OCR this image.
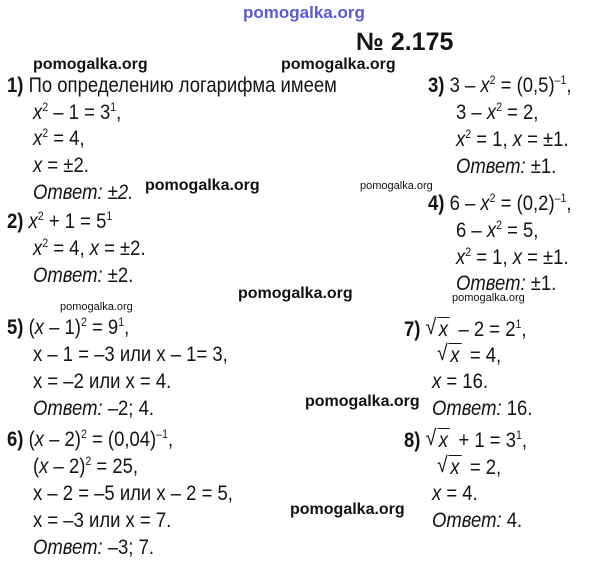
pomogalka.org
pomogalka.org	pomogalka.org
pomogalka.org	pomogalka.org
pomogalka.org
pomogalka.org
pomogalka.org
pomogalka.org
pomogalka.org
№ 2.175
1) По определению логарифма имеем
$x^2 - 1 = 3^1$,
$x^2 = 4$,
x = ±2.
Ответ: ±2.
2) $x^2 + 1 = 5^1$
$x^2 = 4$, x = ±2.
Ответ: ±2.
3) $3 - x^2 = (0,5)^{-1}$,
$3 - x^2 = 2$,
$x^2 = 1$, x = ±1.
Ответ: ±1.
4) $6 - x^2 = (0,2)^{-1}$,
$6 - x^2 = 5$,
$x^2 = 1$, x = ±1.
Ответ: ±1.
5) $(x - 1)^2 = 9^1$,
x – 1 = –3 или x – 1= 3,
x = –2 или x = 4.
Ответ: –2; 4.
6) $(x - 2)^2 = (0,04)^{-1}$,
(x – 2)$^2$ = 25,
x – 2 = –5 или x – 2 = 5,
x = –3 или x = 7.
Ответ: –3; 7.
7) √ $x - 2 = 2^1$,
√ x = 4,
x = 16.
Ответ: 16.
8) √ $x + 1 = 3^1$,
√ x = 2,
x = 4.
Ответ: 4.
